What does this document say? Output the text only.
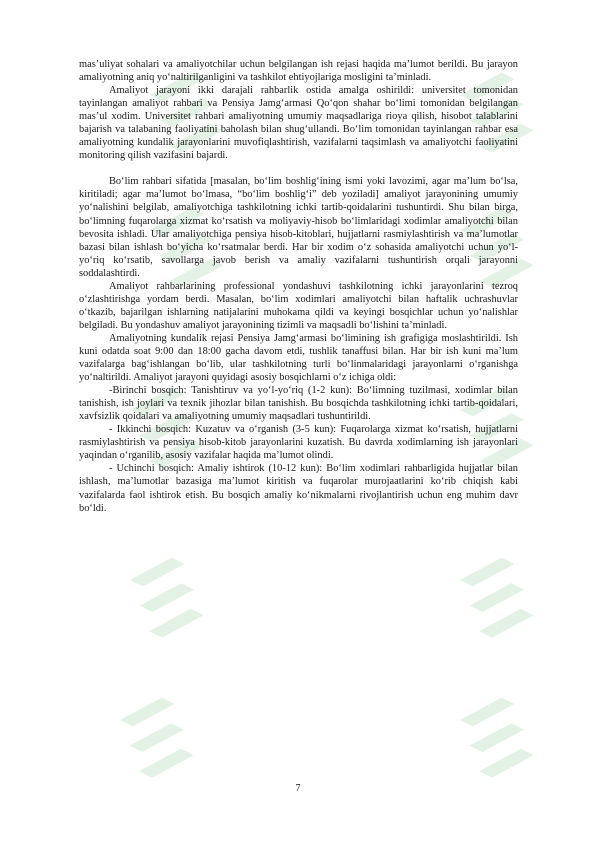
mas’uliyat sohalari va amaliyotchilar uchun belgilangan ish rejasi haqida ma’lumot berildi. Bu jarayon amaliyotning aniq yo‘naltirilganligini va tashkilot ehtiyojlariga mosligini ta’minladi.

Amaliyot jarayoni ikki darajali rahbarlik ostida amalga oshirildi: universitet tomonidan tayinlangan amaliyot rahbari va Pensiya Jamg‘armasi Qo‘qon shahar bo‘limi tomonidan belgilangan mas’ul xodim. Universitet rahbari amaliyotning umumiy maqsadlariga rioya qilish, hisobot talablarini bajarish va talabaning faoliyatini baholash bilan shug‘ullandi. Bo‘lim tomonidan tayinlangan rahbar esa amaliyotning kundalik jarayonlarini muvofiqlashtirish, vazifalarni taqsimlash va amaliyotchi faoliyatini monitoring qilish vazifasini bajardi.

Bo‘lim rahbari sifatida [masalan, bo‘lim boshlig‘ining ismi yoki lavozimi, agar ma’lum bo‘lsa, kiritiladi; agar ma’lumot bo‘lmasa, “bo‘lim boshlig‘i” deb yoziladi] amaliyot jarayonining umumiy yo‘nalishini belgilab, amaliyotchiga tashkilotning ichki tartib-qoidalarini tushuntirdi. Shu bilan birga, bo‘limning fuqarolarga xizmat ko‘rsatish va moliyaviy-hisob bo‘limlaridagi xodimlar amaliyotchi bilan bevosita ishladi. Ular amaliyotchiga pensiya hisob-kitoblari, hujjatlarni rasmiylashtirish va ma’lumotlar bazasi bilan ishlash bo‘yicha ko‘rsatmalar berdi. Har bir xodim o‘z sohasida amaliyotchi uchun yo‘l-yo‘riq ko‘rsatib, savollarga javob berish va amaliy vazifalarni tushuntirish orqali jarayonni soddalashtirdi.

Amaliyot rahbarlarining professional yondashuvi tashkilotning ichki jarayonlarini tezroq o‘zlashtirishga yordam berdi. Masalan, bo‘lim xodimlari amaliyotchi bilan haftalik uchrashuvlar o‘tkazib, bajarilgan ishlarning natijalarini muhokama qildi va keyingi bosqichlar uchun yo‘nalishlar belgiladi. Bu yondashuv amaliyot jarayonining tizimli va maqsadli bo‘lishini ta’minladi.

Amaliyotning kundalik rejasi Pensiya Jamg‘armasi bo‘limining ish grafigiga moslashtirildi. Ish kuni odatda soat 9:00 dan 18:00 gacha davom etdi, tushlik tanaffusi bilan. Har bir ish kuni ma’lum vazifalarga bag‘ishlangan bo‘lib, ular tashkilotning turli bo‘linmalaridagi jarayonlarni o‘rganishga yo‘naltirildi. Amaliyot jarayoni quyidagi asosiy bosqichlarni o‘z ichiga oldi:

-Birinchi bosqich: Tanishtiruv va yo‘l-yo‘riq (1-2 kun): Bo‘limning tuzilmasi, xodimlar bilan tanishish, ish joylari va texnik jihozlar bilan tanishish. Bu bosqichda tashkilotning ichki tartib-qoidalari, xavfsizlik qoidalari va amaliyotning umumiy maqsadlari tushuntirildi.

- Ikkinchi bosqich: Kuzatuv va o‘rganish (3-5 kun): Fuqarolarga xizmat ko‘rsatish, hujjatlarni rasmiylashtirish va pensiya hisob-kitob jarayonlarini kuzatish. Bu davrda xodimlarning ish jarayonlari yaqindan o‘rganilib, asosiy vazifalar haqida ma’lumot olindi.

- Uchinchi bosqich: Amaliy ishtirok (10-12 kun): Bo‘lim xodimlari rahbarligida hujjatlar bilan ishlash, ma’lumotlar bazasiga ma’lumot kiritish va fuqarolar murojaatlarini ko‘rib chiqish kabi vazifalarda faol ishtirok etish. Bu bosqich amaliy ko‘nikmalarni rivojlantirish uchun eng muhim davr bo‘ldi.

7
